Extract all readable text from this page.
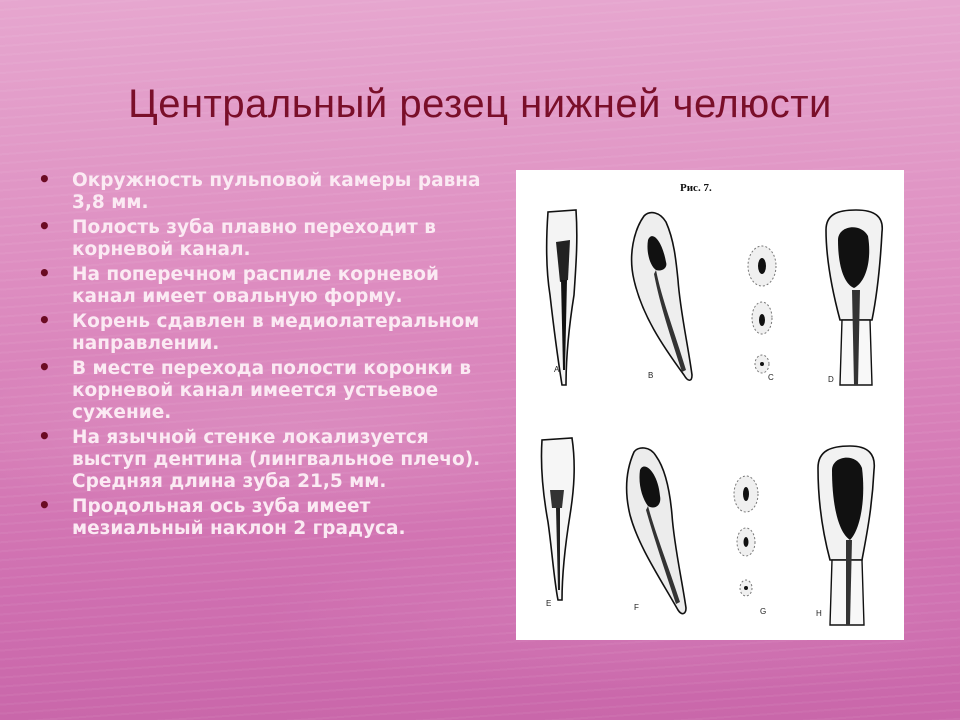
Центральный резец нижней челюсти
• Окружность пульповой камеры равна 3,8 мм.
• Полость зуба плавно переходит в корневой канал.
• На поперечном распиле корневой канал имеет овальную форму.
• Корень сдавлен в медиолатеральном направлении.
• В месте перехода полости коронки в корневой канал имеется устьевое сужение.
• На язычной стенке локализуется выступ дентина (лингвальное плечо). Средняя длина зуба 21,5 мм.
• Продольная ось зуба имеет мезиальный наклон 2 градуса.
Рис. 7.
A
B	C	D
E	F	G	H
